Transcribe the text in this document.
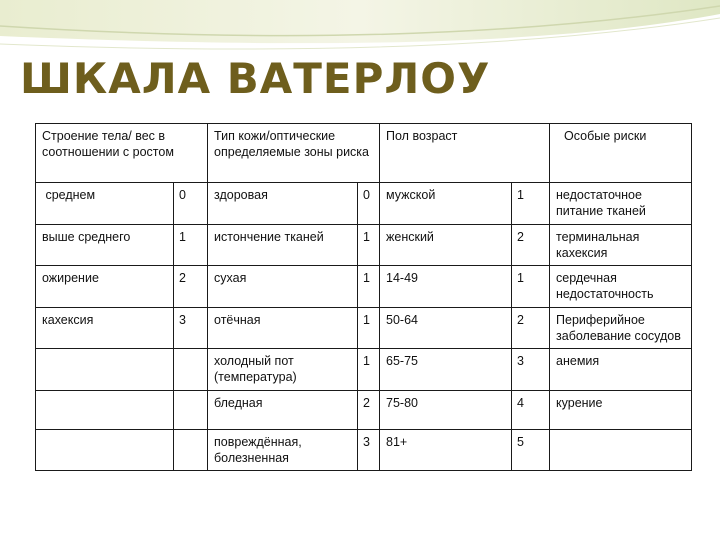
ШКАЛА ВАТЕРЛОУ
Строение тела/ вес в соотношении с ростом		Тип кожи/оптические определяемые зоны риска		Пол возраст		Особые риски
среднем	0	здоровая	0	мужской	1	недостаточное питание тканей
выше среднего	1	истончение тканей	1	женский	2	терминальная кахексия
ожирение	2	сухая	1	14-49	1	сердечная недостаточность
кахексия	3	отёчная	1	50-64	2	Периферийное заболевание сосудов
		холодный пот (температура)	1	65-75	3	анемия
		бледная	2	75-80	4	курение
		повреждённая, болезненная	3	81+	5	
